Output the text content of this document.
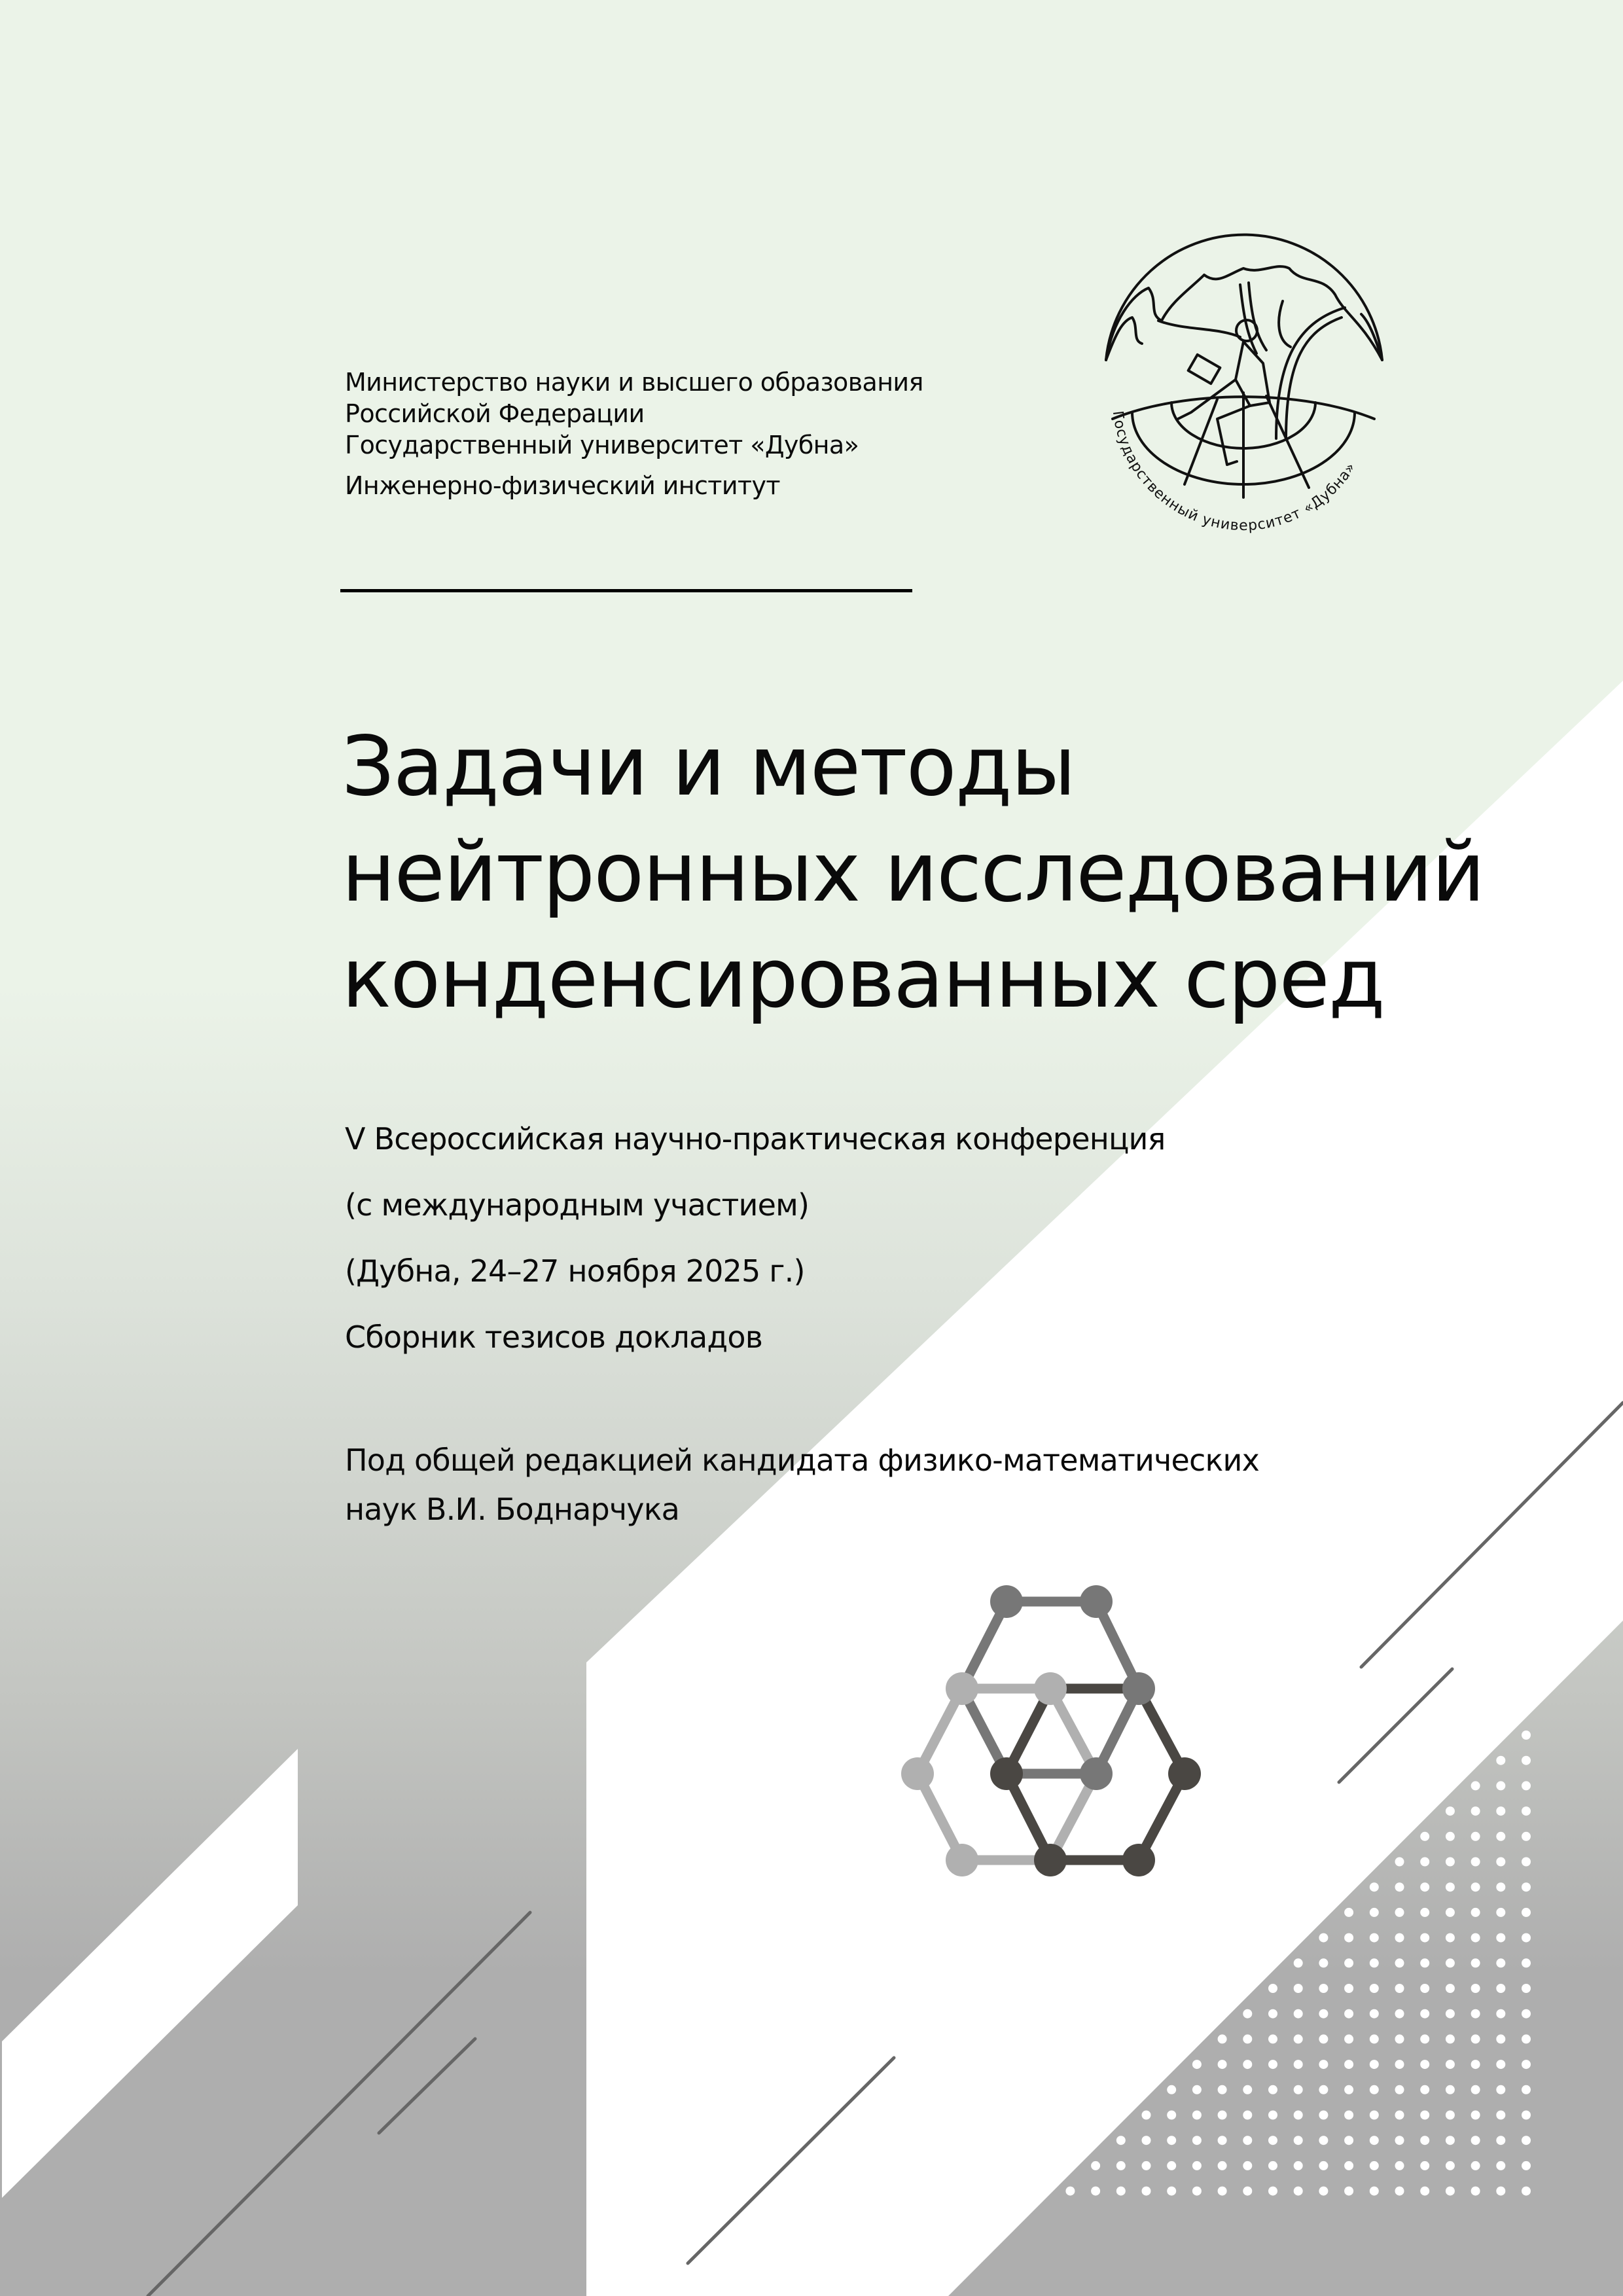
Министерство науки и высшего образования
Российской Федерации
Государственный университет «Дубна»
Инженерно-физический институт
Государственный университет «Дубна»
Задачи и методы
нейтронных исследований
конденсированных сред
V Всероссийская научно-практическая конференция
(с международным участием)
(Дубна, 24–27 ноября 2025 г.)
Сборник тезисов докладов
Под общей редакцией кандидата физико-математических
наук В.И. Боднарчука
